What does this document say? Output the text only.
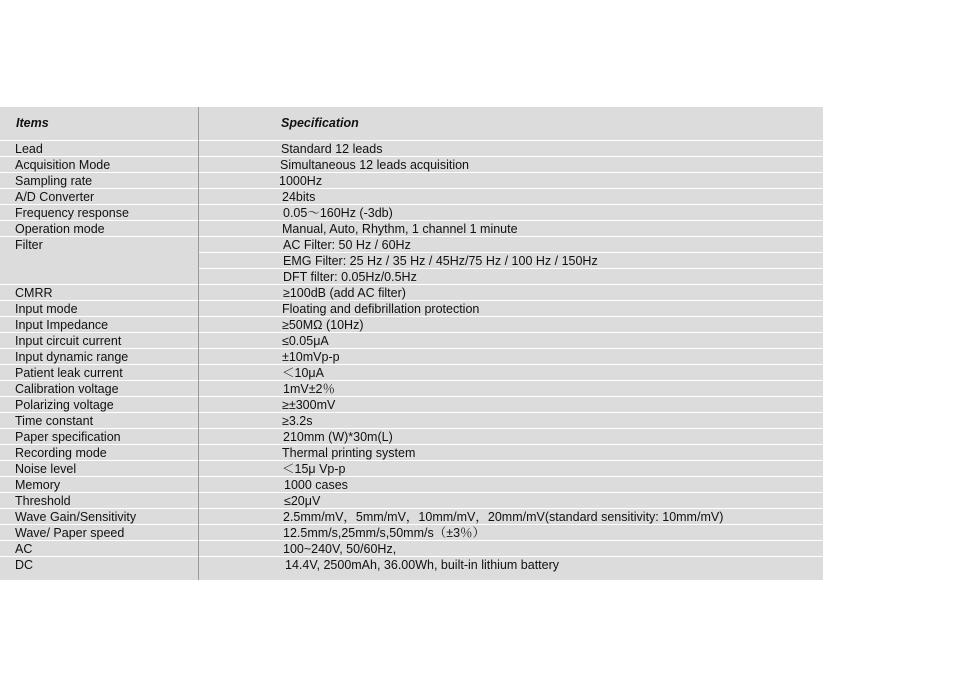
Items	Specification
Lead	Standard 12 leads
Acquisition Mode	Simultaneous 12 leads acquisition
Sampling rate	1000Hz
A/D Converter	24bits
Frequency response	0.05～160Hz (-3db)
Operation mode	Manual, Auto, Rhythm, 1 channel 1 minute
Filter	AC Filter: 50 Hz / 60Hz
EMG Filter: 25 Hz / 35 Hz / 45Hz/75 Hz / 100 Hz / 150Hz
DFT filter: 0.05Hz/0.5Hz
CMRR	≥100dB (add AC filter)
Input mode	Floating and defibrillation protection
Input Impedance	≥50MΩ (10Hz)
Input circuit current	≤0.05μA
Input dynamic range	±10mVp-p
Patient leak current	＜10μA
Calibration voltage	1mV±2％
Polarizing voltage	≥±300mV
Time constant	≥3.2s
Paper specification	210mm (W)*30m(L)
Recording mode	Thermal printing system
Noise level	＜15μ Vp-p
Memory	1000 cases
Threshold	≤20μV
Wave Gain/Sensitivity	2.5mm/mV，5mm/mV，10mm/mV，20mm/mV(standard sensitivity: 10mm/mV)
Wave/ Paper speed	12.5mm/s,25mm/s,50mm/s（±3％）
AC	100~240V, 50/60Hz,
DC	14.4V, 2500mAh, 36.00Wh, built-in lithium battery
